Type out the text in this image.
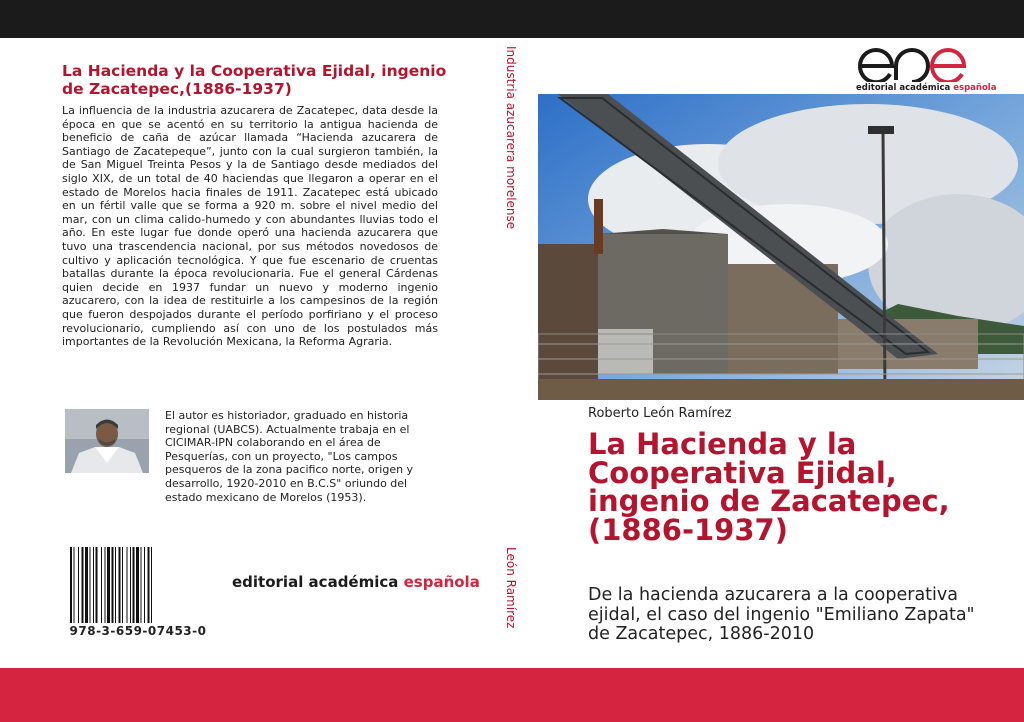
La Hacienda y la Cooperativa Ejidal, ingenio de Zacatepec,(1886-1937)
La influencia de la industria azucarera de Zacatepec, data desde la época en que se acentó en su territorio la antigua hacienda de beneficio de caña de azúcar llamada “Hacienda azucarera de Santiago de Zacatepeque”, junto con la cual surgieron también, la de San Miguel Treinta Pesos y la de Santiago desde mediados del siglo XIX, de un total de 40 haciendas que llegaron a operar en el estado de Morelos hacia finales de 1911. Zacatepec está ubicado en un fértil valle que se forma a 920 m. sobre el nivel medio del mar, con un clima calido-humedo y con abundantes lluvias todo el año. En este lugar fue donde operó una hacienda azucarera que tuvo una trascendencia nacional, por sus métodos novedosos de cultivo y aplicación tecnológica. Y que fue escenario de cruentas batallas durante la época revolucionaria. Fue el general Cárdenas quien decide en 1937 fundar un nuevo y moderno ingenio azucarero, con la idea de restituirle a los campesinos de la región que fueron despojados durante el período porfiriano y el proceso revolucionario, cumpliendo así con uno de los postulados más importantes de la Revolución Mexicana, la Reforma Agraria.
El autor es historiador, graduado en historia regional (UABCS). Actualmente trabaja en el CICIMAR-IPN colaborando en el área de Pesquerías, con un proyecto, "Los campos pesqueros de la zona pacifico norte, origen y desarrollo, 1920-2010 en B.C.S" oriundo del estado mexicano de Morelos (1953).
978-3-659-07453-0
editorial académica española
Industria azucarera morelense
León Ramírez
editorial académica española
Roberto León Ramírez
La Hacienda y la Cooperativa Ejidal, ingenio de Zacatepec,(1886-1937)
De la hacienda azucarera a la cooperativa ejidal, el caso del ingenio "Emiliano Zapata" de Zacatepec, 1886-2010
